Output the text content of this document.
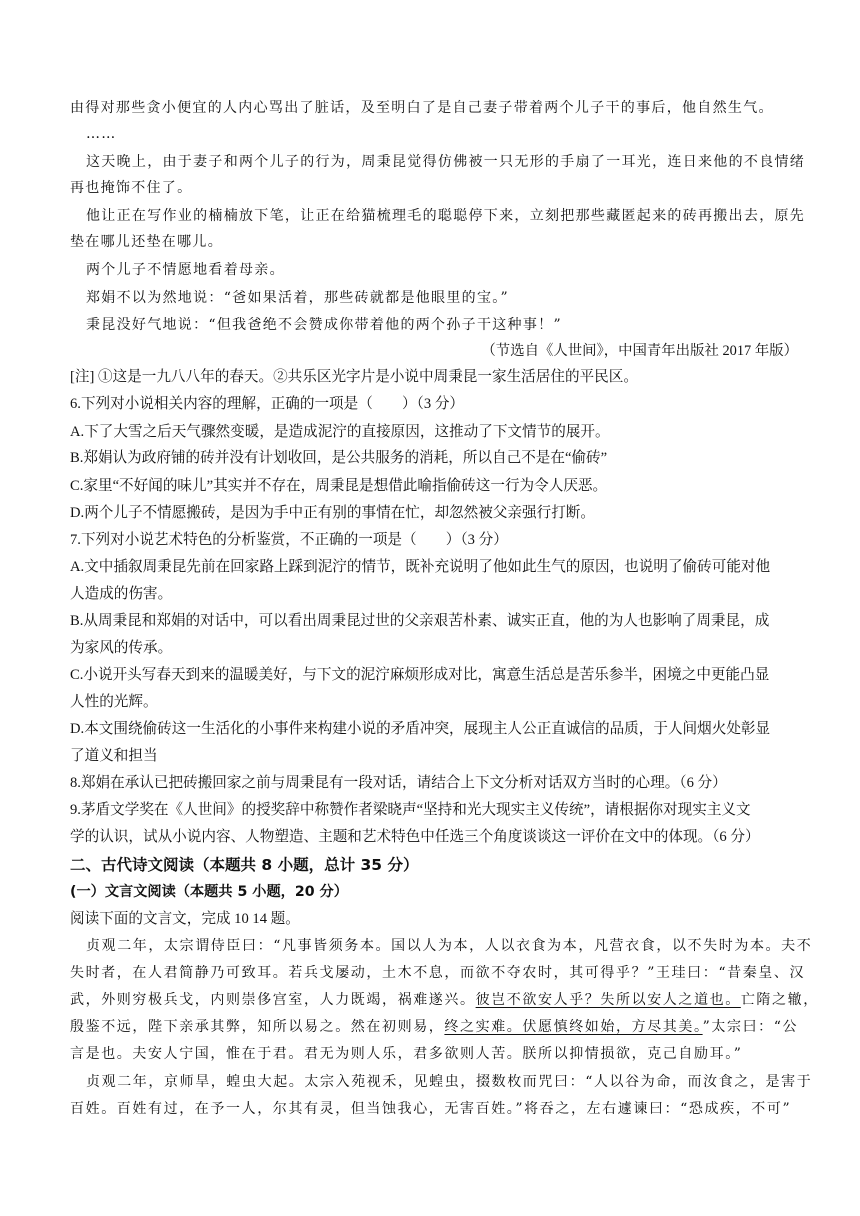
由得对那些贪小便宜的人内心骂出了脏话，及至明白了是自己妻子带着两个儿子干的事后，他自然生气。
……
这天晚上，由于妻子和两个儿子的行为，周秉昆觉得仿佛被一只无形的手扇了一耳光，连日来他的不良情绪
再也掩饰不住了。
他让正在写作业的楠楠放下笔，让正在给猫梳理毛的聪聪停下来，立刻把那些藏匿起来的砖再搬出去，原先
垫在哪儿还垫在哪儿。
两个儿子不情愿地看着母亲。
郑娟不以为然地说：“爸如果活着，那些砖就都是他眼里的宝。”
秉昆没好气地说：“但我爸绝不会赞成你带着他的两个孙子干这种事！”
（节选自《人世间》，中国青年出版社 2017 年版）
[注] ①这是一九八八年的春天。②共乐区光字片是小说中周秉昆一家生活居住的平民区。
6.下列对小说相关内容的理解，正确的一项是（　　）（3 分）
A.下了大雪之后天气骤然变暖，是造成泥泞的直接原因，这推动了下文情节的展开。
B.郑娟认为政府铺的砖并没有计划收回，是公共服务的消耗，所以自己不是在“偷砖”
C.家里“不好闻的味儿”其实并不存在，周秉昆是想借此喻指偷砖这一行为令人厌恶。
D.两个儿子不情愿搬砖，是因为手中正有别的事情在忙，却忽然被父亲强行打断。
7.下列对小说艺术特色的分析鉴赏，不正确的一项是（　　）（3 分）
A.文中插叙周秉昆先前在回家路上踩到泥泞的情节，既补充说明了他如此生气的原因，也说明了偷砖可能对他
人造成的伤害。
B.从周秉昆和郑娟的对话中，可以看出周秉昆过世的父亲艰苦朴素、诚实正直，他的为人也影响了周秉昆，成
为家风的传承。
C.小说开头写春天到来的温暖美好，与下文的泥泞麻烦形成对比，寓意生活总是苦乐参半，困境之中更能凸显
人性的光辉。
D.本文围绕偷砖这一生活化的小事件来构建小说的矛盾冲突，展现主人公正直诚信的品质，于人间烟火处彰显
了道义和担当
8.郑娟在承认已把砖搬回家之前与周秉昆有一段对话，请结合上下文分析对话双方当时的心理。（6 分）
9.茅盾文学奖在《人世间》的授奖辞中称赞作者梁晓声“坚持和光大现实主义传统”，请根据你对现实主义文
学的认识，试从小说内容、人物塑造、主题和艺术特色中任选三个角度谈谈这一评价在文中的体现。（6 分）
二、古代诗文阅读（本题共 8 小题，总计 35 分）
(一）文言文阅读（本题共 5 小题，20 分）
阅读下面的文言文，完成 10 14 题。
贞观二年，太宗谓侍臣曰：“凡事皆须务本。国以人为本，人以衣食为本，凡营衣食，以不失时为本。夫不
失时者，在人君简静乃可致耳。若兵戈屡动，土木不息，而欲不夺农时，其可得乎？”王珪曰：“昔秦皇、汉
武，外则穷极兵戈，内则崇侈宫室，人力既竭，祸难遂兴。彼岂不欲安人乎？失所以安人之道也。亡隋之辙，
殷鉴不远，陛下亲承其弊，知所以易之。然在初则易，终之实难。伏愿慎终如始，方尽其美。”太宗曰：“公
言是也。夫安人宁国，惟在于君。君无为则人乐，君多欲则人苦。朕所以抑情损欲，克己自励耳。”
贞观二年，京师旱，蝗虫大起。太宗入苑视禾，见蝗虫，掇数枚而咒曰：“人以谷为命，而汝食之，是害于
百姓。百姓有过，在予一人，尔其有灵，但当蚀我心，无害百姓。”将吞之，左右遽谏曰：“恐成疾，不可”
